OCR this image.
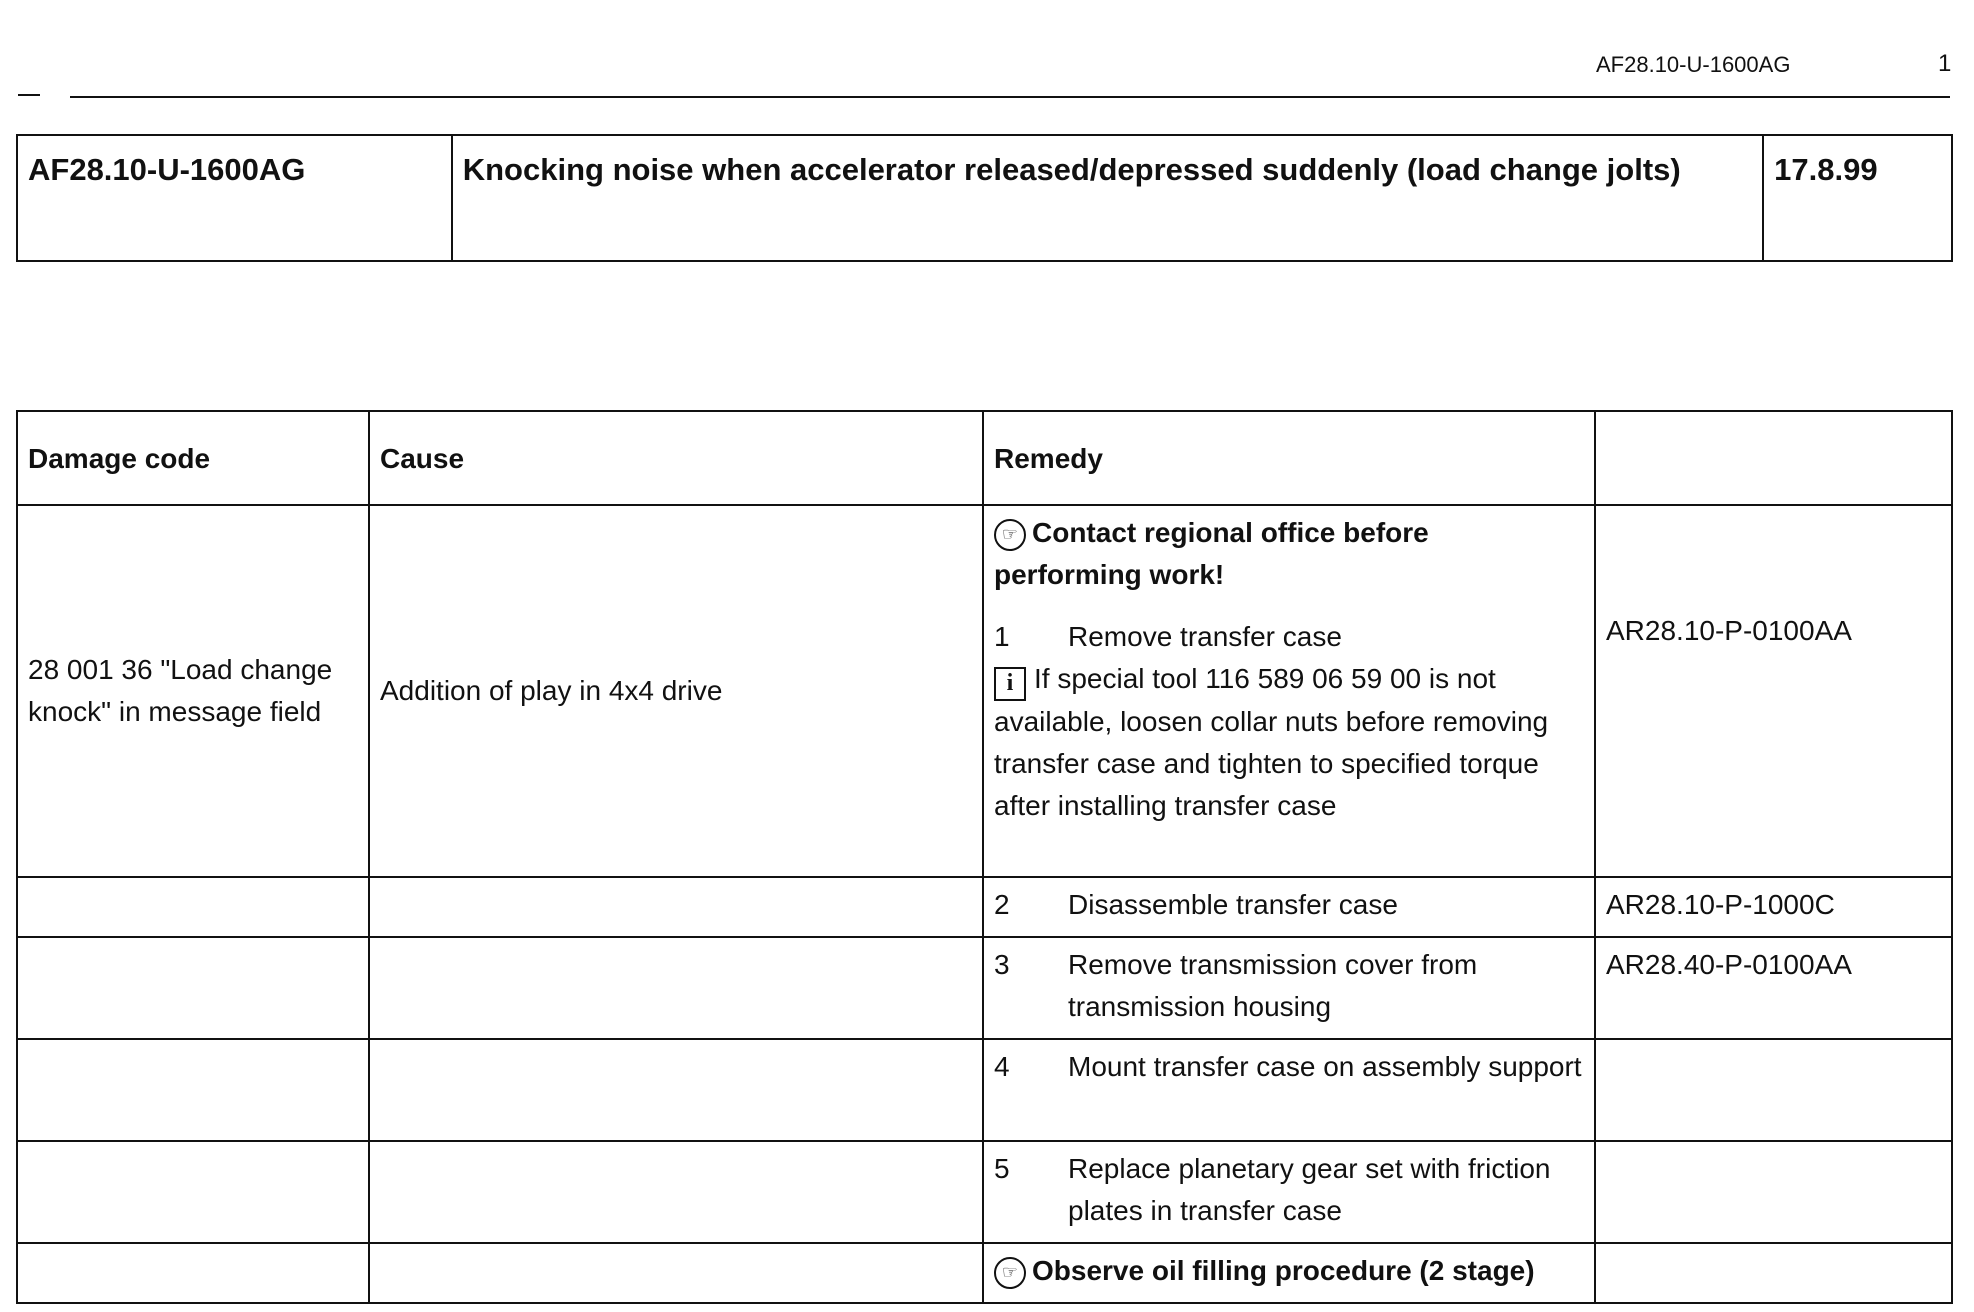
AF28.10-U-1600AG	1
AF28.10-U-1600AG	Knocking noise when accelerator released/depressed suddenly (load change jolts)	17.8.99
Damage code	Cause	Remedy	
28 001 36 "Load change knock" in message field	Addition of play in 4x4 drive	☞ Contact regional office before performing work!
1 Remove transfer case
i If special tool 116 589 06 59 00 is not available, loosen collar nuts before removing transfer case and tighten to specified torque after installing transfer case	AR28.10-P-0100AA

		2 Disassemble transfer case	AR28.10-P-1000C

		3 Remove transmission cover from transmission housing	AR28.40-P-0100AA

		4 Mount transfer case on assembly support	

		5 Replace planetary gear set with friction plates in transfer case	

		☞ Observe oil filling procedure (2 stage)	
